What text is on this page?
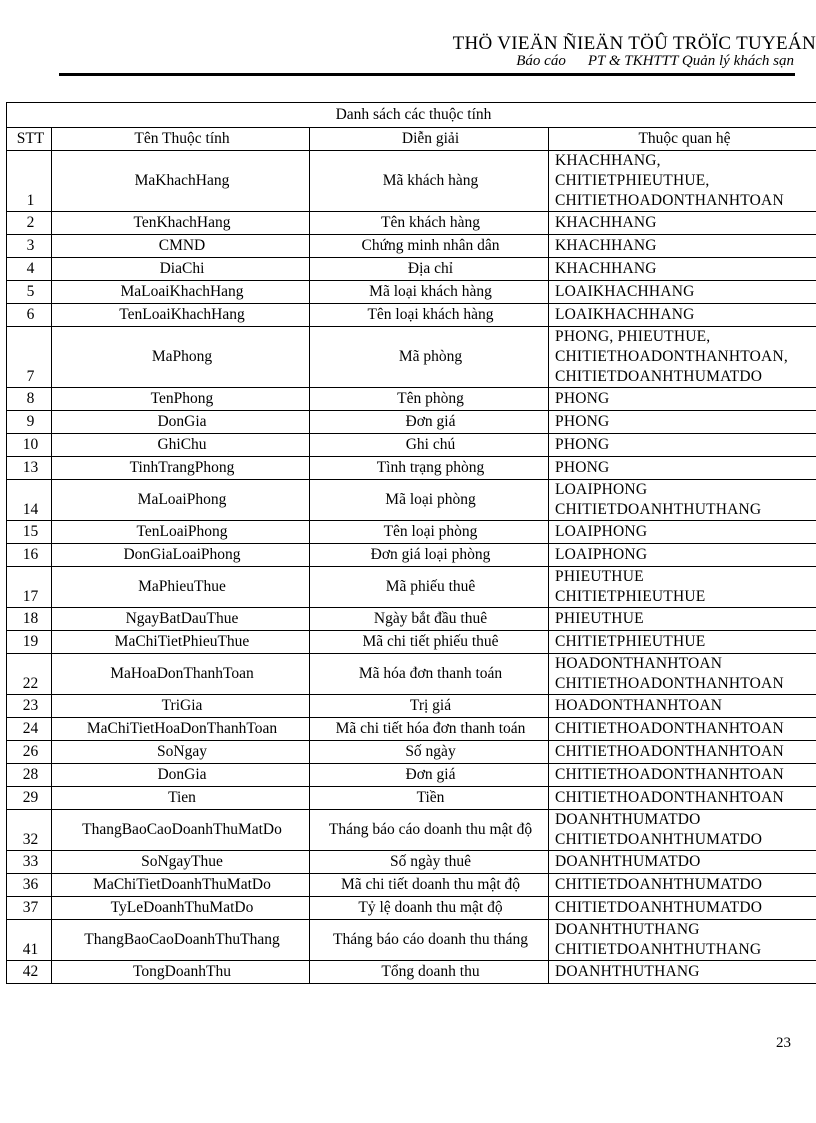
THÖ VIEÄN ÑIEÄN TÖÛ TRÖÏC TUYEÁN
Báo cáo PT & TKHTTT Quản lý khách sạn
Danh sách các thuộc tính			
STT	Tên Thuộc tính	Diễn giải	Thuộc quan hệ
1	MaKhachHang	Mã khách hàng	KHACHHANG,
CHITIETPHIEUTHUE,
CHITIETHOADONTHANHTOAN

2	TenKhachHang	Tên khách hàng	KHACHHANG

3	CMND	Chứng minh nhân dân	KHACHHANG

4	DiaChi	Địa chỉ	KHACHHANG

5	MaLoaiKhachHang	Mã loại khách hàng	LOAIKHACHHANG

6	TenLoaiKhachHang	Tên loại khách hàng	LOAIKHACHHANG

7	MaPhong	Mã phòng	PHONG, PHIEUTHUE,
CHITIETHOADONTHANHTOAN,
CHITIETDOANHTHUMATDO

8	TenPhong	Tên phòng	PHONG

9	DonGia	Đơn giá	PHONG

10	GhiChu	Ghi chú	PHONG

13	TinhTrangPhong	Tình trạng phòng	PHONG

14	MaLoaiPhong	Mã loại phòng	LOAIPHONG
CHITIETDOANHTHUTHANG

15	TenLoaiPhong	Tên loại phòng	LOAIPHONG

16	DonGiaLoaiPhong	Đơn giá loại phòng	LOAIPHONG

17	MaPhieuThue	Mã phiếu thuê	PHIEUTHUE
CHITIETPHIEUTHUE

18	NgayBatDauThue	Ngày bắt đầu thuê	PHIEUTHUE

19	MaChiTietPhieuThue	Mã chi tiết phiếu thuê	CHITIETPHIEUTHUE

22	MaHoaDonThanhToan	Mã hóa đơn thanh toán	HOADONTHANHTOAN
CHITIETHOADONTHANHTOAN

23	TriGia	Trị giá	HOADONTHANHTOAN

24	MaChiTietHoaDonThanhToan	Mã chi tiết hóa đơn thanh toán	CHITIETHOADONTHANHTOAN

26	SoNgay	Số ngày	CHITIETHOADONTHANHTOAN

28	DonGia	Đơn giá	CHITIETHOADONTHANHTOAN

29	Tien	Tiền	CHITIETHOADONTHANHTOAN

32	ThangBaoCaoDoanhThuMatDo	Tháng báo cáo doanh thu mật độ	DOANHTHUMATDO
CHITIETDOANHTHUMATDO

33	SoNgayThue	Số ngày thuê	DOANHTHUMATDO

36	MaChiTietDoanhThuMatDo	Mã chi tiết doanh thu mật độ	CHITIETDOANHTHUMATDO

37	TyLeDoanhThuMatDo	Tỷ lệ doanh thu mật độ	CHITIETDOANHTHUMATDO

41	ThangBaoCaoDoanhThuThang	Tháng báo cáo doanh thu tháng	DOANHTHUTHANG
CHITIETDOANHTHUTHANG

42	TongDoanhThu	Tổng doanh thu	DOANHTHUTHANG
23
